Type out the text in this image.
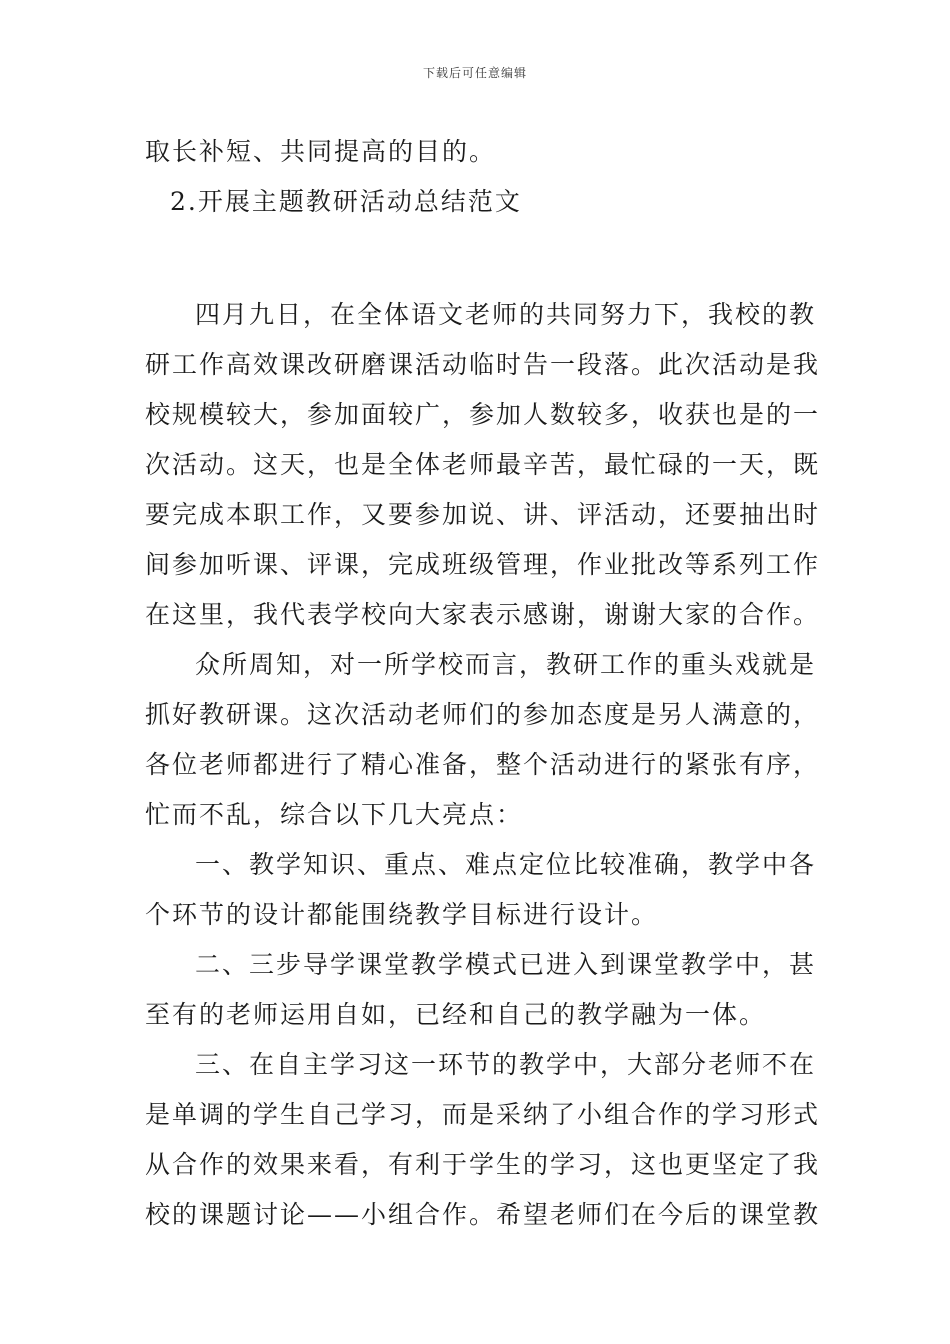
下载后可任意编辑
取长补短、共同提高的目的。
2.开展主题教研活动总结范文
四月九日，在全体语文老师的共同努力下，我校的教
研工作高效课改研磨课活动临时告一段落。此次活动是我
校规模较大，参加面较广，参加人数较多，收获也是的一
次活动。这天，也是全体老师最辛苦，最忙碌的一天，既
要完成本职工作，又要参加说、讲、评活动，还要抽出时
间参加听课、评课，完成班级管理，作业批改等系列工作
在这里，我代表学校向大家表示感谢，谢谢大家的合作。
众所周知，对一所学校而言，教研工作的重头戏就是
抓好教研课。这次活动老师们的参加态度是另人满意的，
各位老师都进行了精心准备，整个活动进行的紧张有序，
忙而不乱，综合以下几大亮点：
一、教学知识、重点、难点定位比较准确，教学中各
个环节的设计都能围绕教学目标进行设计。
二、三步导学课堂教学模式已进入到课堂教学中，甚
至有的老师运用自如，已经和自己的教学融为一体。
三、在自主学习这一环节的教学中，大部分老师不在
是单调的学生自己学习，而是采纳了小组合作的学习形式
从合作的效果来看，有利于学生的学习，这也更坚定了我
校的课题讨论——小组合作。希望老师们在今后的课堂教
